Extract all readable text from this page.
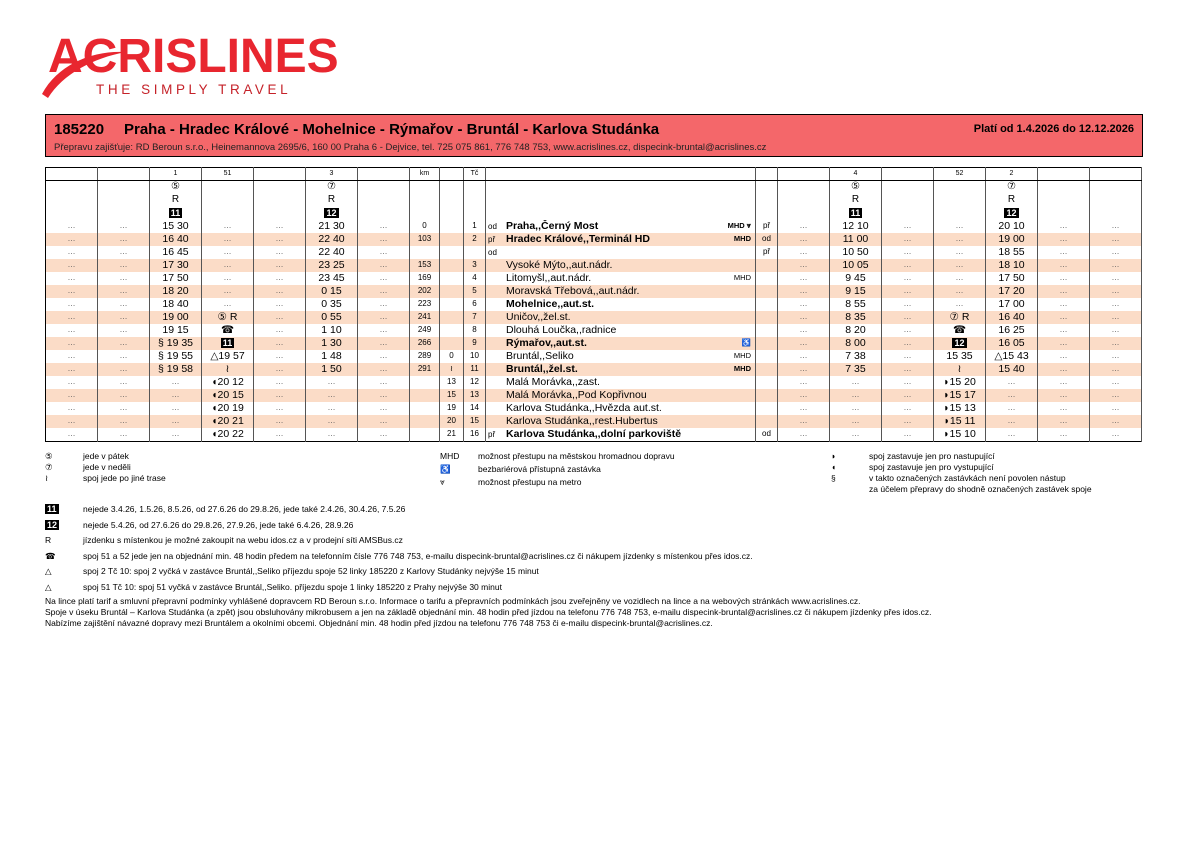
ACRISLINES
THE SIMPLY TRAVEL
185220 Praha - Hradec Králové - Mohelnice - Rýmařov - Bruntál - Karlova Studánka	Platí od 1.4.2026 do 12.12.2026
Přepravu zajišťuje: RD Beroun s.r.o., Heinemannova 2695/6, 160 00 Praha 6 - Dejvice, tel. 725 075 861, 776 748 753, www.acrislines.cz, dispecink-bruntal@acrislines.cz
		1	51		3		km		Tč				4		52	2		
		⑤			⑦								⑤			⑦		
		R			R								R			R		
		11			12								11			12		
…	…	15 30	…	…	21 30	…	0		1	od Praha,,Černý Most MHD ⩔	př	…	12 10	…	…	20 10	…	…
…	…	16 40	…	…	22 40	…	103		2	př Hradec Králové,,Terminál HD MHD	od	…	11 00	…	…	19 00	…	…
…	…	16 45	…	…	22 40	…				od	př	…	10 50	…	…	18 55	…	…
…	…	17 30	…	…	23 25	…	153		3	Vysoké Mýto,,aut.nádr.		…	10 05	…	…	18 10	…	…
…	…	17 50	…	…	23 45	…	169		4	Litomyšl,,aut.nádr. MHD		…	9 45	…	…	17 50	…	…
…	…	18 20	…	…	0 15	…	202		5	Moravská Třebová,,aut.nádr.		…	9 15	…	…	17 20	…	…
…	…	18 40	…	…	0 35	…	223		6	Mohelnice,,aut.st.		…	8 55	…	…	17 00	…	…
…	…	19 00	⑤ R	…	0 55	…	241		7	Uničov,,žel.st.		…	8 35	…	⑦ R	16 40	…	…
…	…	19 15	☎	…	1 10	…	249		8	Dlouhá Loučka,,radnice		…	8 20	…	☎	16 25	…	…
…	…	§ 19 35	11	…	1 30	…	266		9	Rýmařov,,aut.st. ♿		…	8 00	…	12	16 05	…	…
…	…	§ 19 55	△19 57	…	1 48	…	289	0	10	Bruntál,,Seliko MHD		…	7 38	…	15 35	△15 43	…	…
…	…	§ 19 58	≀	…	1 50	…	291	≀	11	Bruntál,,žel.st. MHD		…	7 35	…	≀	15 40	…	…
…	…	…	◖20 12	…	…	…		13	12	Malá Morávka,,zast.		…	…	…	◗15 20	…	…	…
…	…	…	◖20 15	…	…	…		15	13	Malá Morávka,,Pod Kopřivnou		…	…	…	◗15 17	…	…	…
…	…	…	◖20 19	…	…	…		19	14	Karlova Studánka,,Hvězda aut.st.		…	…	…	◗15 13	…	…	…
…	…	…	◖20 21	…	…	…		20	15	Karlova Studánka,,rest.Hubertus		…	…	…	◗15 11	…	…	…
…	…	…	◖20 22	…	…	…		21	16	př Karlova Studánka,,dolní parkoviště	od	…	…	…	◗15 10	…	…	…
⑤	jede v pátek
⑦	jede v neděli
≀	spoj jede po jiné trase
MHD možnost přestupu na městskou hromadnou dopravu
♿	bezbariérová přístupná zastávka
⩔	možnost přestupu na metro
◗	spoj zastavuje jen pro nastupující
◖	spoj zastavuje jen pro vystupující
§	v takto označených zastávkách není povolen nástup
za účelem přepravy do shodně označených zastávek spoje
11	nejede 3.4.26, 1.5.26, 8.5.26, od 27.6.26 do 29.8.26, jede také 2.4.26, 30.4.26, 7.5.26
12	nejede 5.4.26, od 27.6.26 do 29.8.26, 27.9.26, jede také 6.4.26, 28.9.26
R	jízdenku s místenkou je možné zakoupit na webu idos.cz a v prodejní síti AMSBus.cz
☎	spoj 51 a 52 jede jen na objednání min. 48 hodin předem na telefonním čísle 776 748 753, e-mailu dispecink-bruntal@acrislines.cz či nákupem jízdenky s místenkou přes idos.cz.
△	spoj 2 Tč 10: spoj 2 vyčká v zastávce Bruntál,,Seliko příjezdu spoje 52 linky 185220 z Karlovy Studánky nejvýše 15 minut
△	spoj 51 Tč 10: spoj 51 vyčká v zastávce Bruntál,,Seliko. příjezdu spoje 1 linky 185220 z Prahy nejvýše 30 minut
Na lince platí tarif a smluvní přepravní podmínky vyhlášené dopravcem RD Beroun s.r.o. Informace o tarifu a přepravních podmínkách jsou zveřejněny ve vozidlech na lince a na webových stránkách www.acrislines.cz.
Spoje v úseku Bruntál – Karlova Studánka (a zpět) jsou obsluhovány mikrobusem a jen na základě objednání min. 48 hodin před jízdou na telefonu 776 748 753, e-mailu dispecink-bruntal@acrislines.cz či nákupem jízdenky přes idos.cz.
Nabízíme zajištění návazné dopravy mezi Bruntálem a okolními obcemi. Objednání min. 48 hodin před jízdou na telefonu 776 748 753 či e-mailu dispecink-bruntal@acrislines.cz.
